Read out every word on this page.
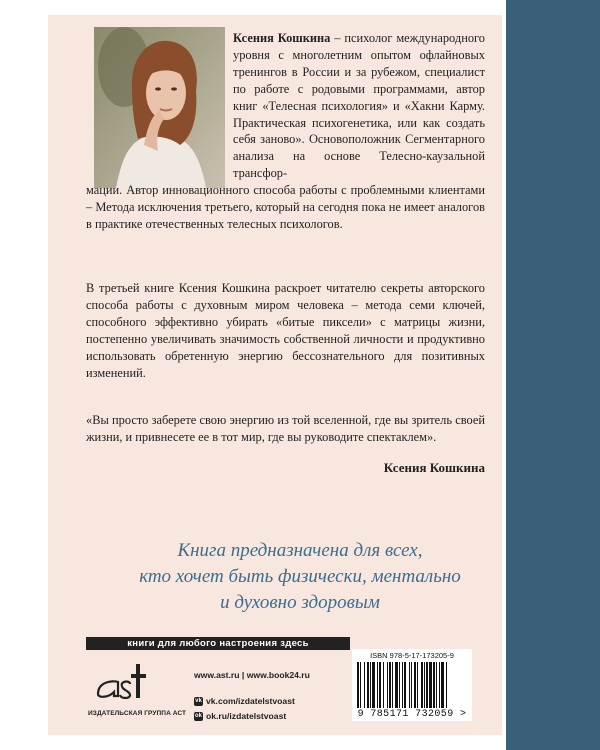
Ксения Кошкина – психолог международного уровня с многолетним опытом офлайновых тренингов в России и за рубежом, специалист по работе с родовыми программами, автор книг «Телесная психология» и «Хакни Карму. Практическая психогенетика, или как создать себя заново». Основоположник Сегментарного анализа на основе Телесно-каузальной трансфор-
мации. Автор инновационного способа работы с проблемными клиентами – Метода исключения третьего, который на сегодня пока не имеет аналогов в практике отечественных телесных психологов.
В третьей книге Ксения Кошкина раскроет читателю секреты авторского способа работы с духовным миром человека – метода семи ключей, способного эффективно убирать «битые пиксели» с матрицы жизни, постепенно увеличивать значимость собственной личности и продуктивно использовать обретенную энергию бессознательного для позитивных изменений.
«Вы просто заберете свою энергию из той вселенной, где вы зритель своей жизни, и привнесете ее в тот мир, где вы руководите спектаклем».
Ксения Кошкина
Книга предназначена для всех,
кто хочет быть физически, ментально
и духовно здоровым
книги для любого настроения здесь
ИЗДАТЕЛЬСКАЯ ГРУППА АСТ
www.ast.ru | www.book24.ru
vk vk.com/izdatelstvoast
ok ok.ru/izdatelstvoast
ISBN 978-5-17-173205-9
9 785171 732059 >
